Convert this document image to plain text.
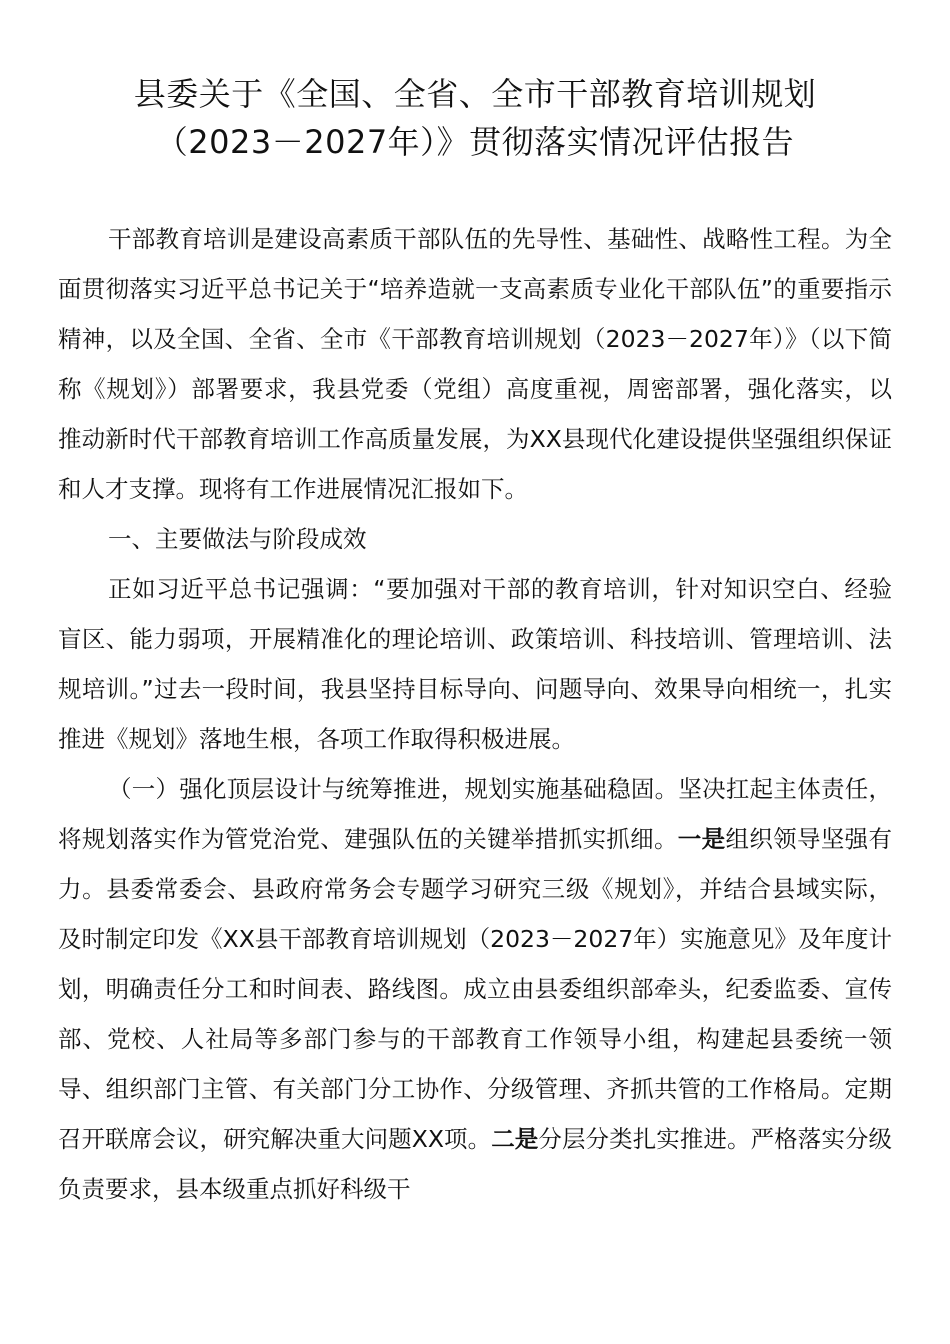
县委关于《全国、全省、全市干部教育培训规划
（2023－2027年）》贯彻落实情况评估报告

干部教育培训是建设高素质干部队伍的先导性、基础性、战略性工程。为全面贯彻落实习近平总书记关于“培养造就一支高素质专业化干部队伍”的重要指示精神，以及全国、全省、全市《干部教育培训规划（2023－2027年）》（以下简称《规划》）部署要求，我县党委（党组）高度重视，周密部署，强化落实，以推动新时代干部教育培训工作高质量发展，为XX县现代化建设提供坚强组织保证和人才支撑。现将有工作进展情况汇报如下。

一、主要做法与阶段成效

正如习近平总书记强调：“要加强对干部的教育培训，针对知识空白、经验盲区、能力弱项，开展精准化的理论培训、政策培训、科技培训、管理培训、法规培训。”过去一段时间，我县坚持目标导向、问题导向、效果导向相统一，扎实推进《规划》落地生根，各项工作取得积极进展。

（一）强化顶层设计与统筹推进，规划实施基础稳固。坚决扛起主体责任，将规划落实作为管党治党、建强队伍的关键举措抓实抓细。一是组织领导坚强有力。县委常委会、县政府常务会专题学习研究三级《规划》，并结合县域实际，及时制定印发《XX县干部教育培训规划（2023－2027年）实施意见》及年度计划，明确责任分工和时间表、路线图。成立由县委组织部牵头，纪委监委、宣传部、党校、人社局等多部门参与的干部教育工作领导小组，构建起县委统一领导、组织部门主管、有关部门分工协作、分级管理、齐抓共管的工作格局。定期召开联席会议，研究解决重大问题XX项。二是分层分类扎实推进。严格落实分级负责要求，县本级重点抓好科级干
